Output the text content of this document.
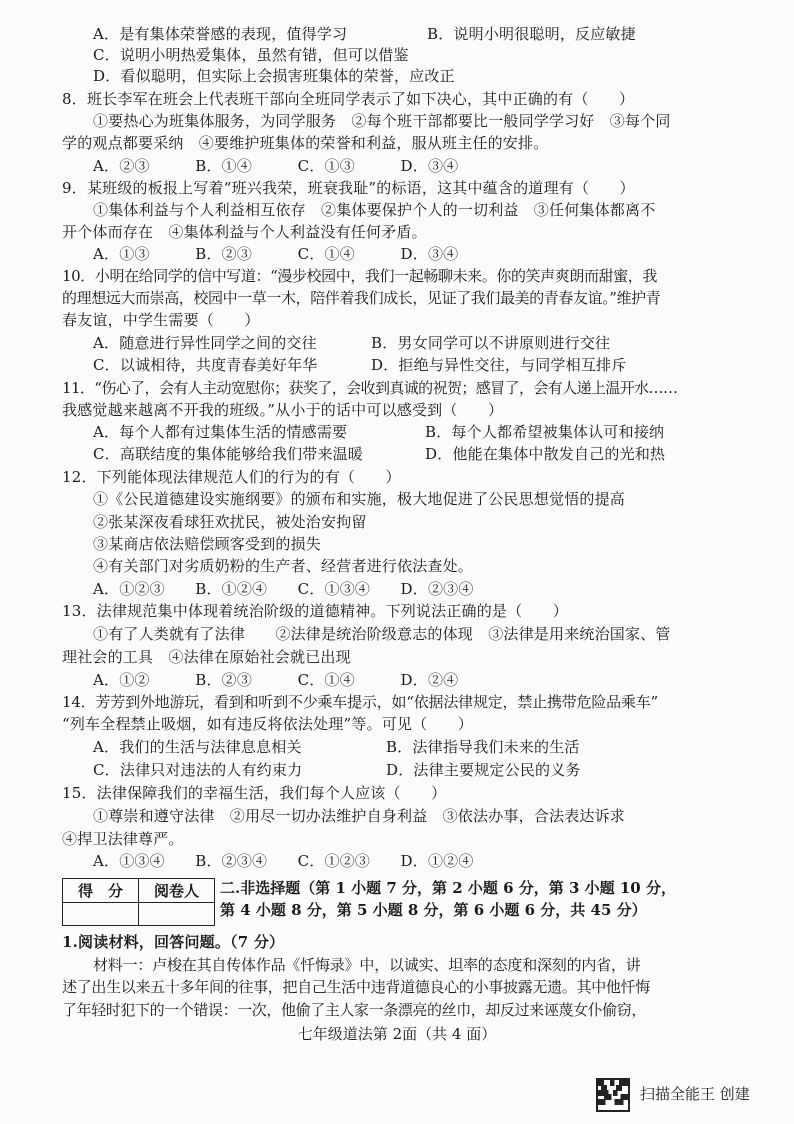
A．是有集体荣誉感的表现，值得学习	B．说明小明很聪明，反应敏捷
C．说明小明热爱集体，虽然有错，但可以借鉴
D．看似聪明，但实际上会损害班集体的荣誉，应改正
8．班长李军在班会上代表班干部向全班同学表示了如下决心，其中正确的有（　　）
①要热心为班集体服务，为同学服务　②每个班干部都要比一般同学学习好　③每个同
学的观点都要采纳　④要维护班集体的荣誉和利益，服从班主任的安排。
A．②③　　　B．①④　　　C．①③　　　D．③④
9．某班级的板报上写着“班兴我荣，班衰我耻”的标语，这其中蕴含的道理有（　　）
①集体利益与个人利益相互依存　②集体要保护个人的一切利益　③任何集体都离不
开个体而存在　④集体利益与个人利益没有任何矛盾。
A．①③　　　B．②③　　　C．①④　　　D．③④
10．小明在给同学的信中写道：“漫步校园中，我们一起畅聊未来。你的笑声爽朗而甜蜜，我
的理想远大而崇高，校园中一草一木，陪伴着我们成长，见证了我们最美的青春友谊。”维护青
春友谊，中学生需要（　　）
A．随意进行异性同学之间的交往	B．男女同学可以不讲原则进行交往
C．以诚相待，共度青春美好年华	D．拒绝与异性交往，与同学相互排斥
11．“伤心了，会有人主动宽慰你；获奖了，会收到真诚的祝贺；感冒了，会有人递上温开水……
我感觉越来越离不开我的班级。”从小于的话中可以感受到（　　）
A．每个人都有过集体生活的情感需要	B．每个人都希望被集体认可和接纳
C．高联结度的集体能够给我们带来温暖	D．他能在集体中散发自己的光和热
12．下列能体现法律规范人们的行为的有（　　）
①《公民道德建设实施纲要》的颁布和实施，极大地促进了公民思想觉悟的提高
②张某深夜看球狂欢扰民，被处治安拘留
③某商店依法赔偿顾客受到的损失
④有关部门对劣质奶粉的生产者、经营者进行依法查处。
A．①②③　　B．①②④　　C．①③④　　D．②③④
13．法律规范集中体现着统治阶级的道德精神。下列说法正确的是（　　）
①有了人类就有了法律　　②法律是统治阶级意志的体现　③法律是用来统治国家、管
理社会的工具　④法律在原始社会就已出现
A．①②　　　B．②③　　　C．①④　　　D．②④
14．芳芳到外地游玩，看到和听到不少乘车提示，如“依据法律规定，禁止携带危险品乘车”
“列车全程禁止吸烟，如有违反将依法处理”等。可见（　　）
A．我们的生活与法律息息相关	B．法律指导我们未来的生活
C．法律只对违法的人有约束力	D．法律主要规定公民的义务
15．法律保障我们的幸福生活，我们每个人应该（　　）
①尊崇和遵守法律　②用尽一切办法维护自身利益　③依法办事，合法表达诉求
④捍卫法律尊严。
A．①③④　　B．②③④　　C．①②③　　D．①②④
得　分	阅卷人
	二.非选择题（第 1 小题 7 分，第 2 小题 6 分，第 3 小题 10 分，
第 4 小题 8 分，第 5 小题 8 分，第 6 小题 6 分，共 45 分）
1.阅读材料，回答问题。（7 分）
材料一：卢梭在其自传体作品《忏悔录》中，以诚实、坦率的态度和深刻的内省，讲
述了出生以来五十多年间的往事，把自己生活中违背道德良心的小事披露无遗。其中他忏悔
了年轻时犯下的一个错误：一次，他偷了主人家一条漂亮的丝巾，却反过来诬蔑女仆偷窃，
七年级道法第 2面（共 4 面）
扫描全能王 创建
